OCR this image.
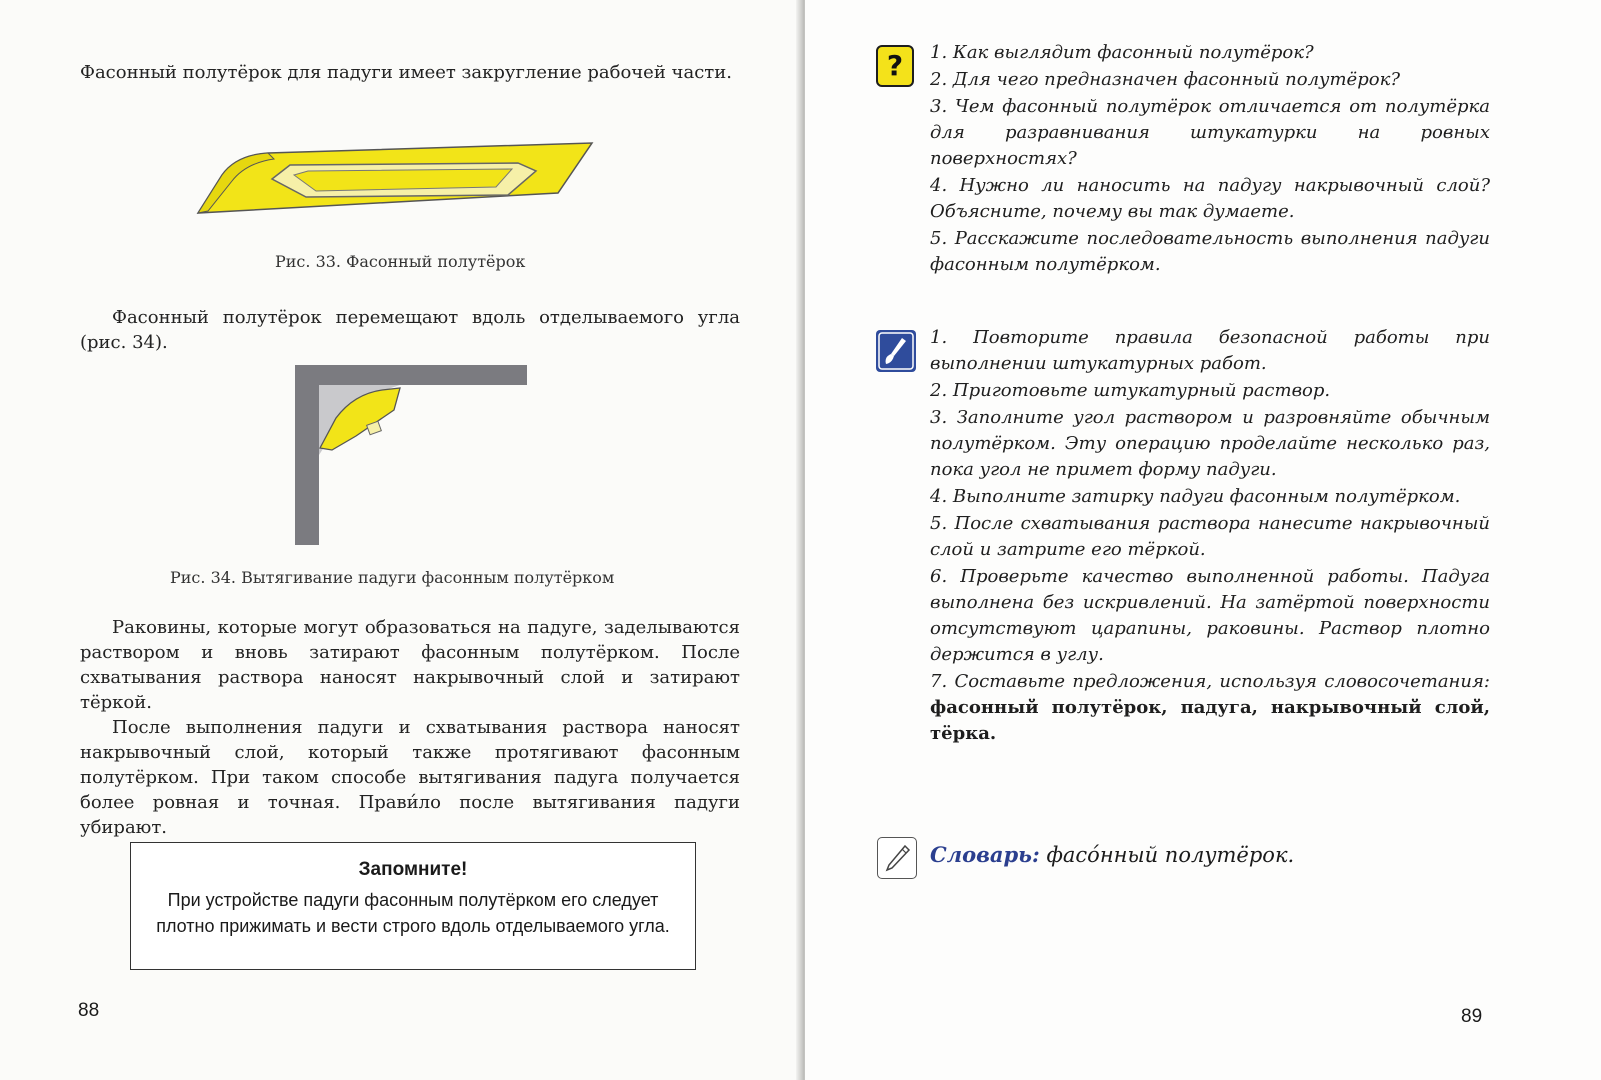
Фасонный полутёрок для падуги имеет закругление рабочей части.

Рис. 33. Фасонный полутёрок

Фасонный полутёрок перемещают вдоль отделываемого угла (рис. 34).

Рис. 34. Вытягивание падуги фасонным полутёрком

Раковины, которые могут образоваться на падуге, заделываются раствором и вновь затирают фасонным полутёрком. После схватывания раствора наносят накрывочный слой и затирают тёркой.

После выполнения падуги и схватывания раствора наносят накрывочный слой, который также протягивают фасонным полутёрком. При таком способе вытягивания падуга получается более ровная и точная. Прави́ло после вытягивания падуги убирают.

Запомните!
При устройстве падуги фасонным полутёрком его следует плотно прижимать и вести строго вдоль отделываемого угла.
88
?	1. Как выглядит фасонный полутёрок?
2. Для чего предназначен фасонный полутёрок?
3. Чем фасонный полутёрок отличается от полутёрка для разравнивания штукатурки на ровных поверхностях?
4. Нужно ли наносить на падугу накрывочный слой? Объясните, почему вы так думаете.
5. Расскажите последовательность выполнения падуги фасонным полутёрком.
1. Повторите правила безопасной работы при выполнении штукатурных работ.
2. Приготовьте штукатурный раствор.
3. Заполните угол раствором и разровняйте обычным полутёрком. Эту операцию проделайте несколько раз, пока угол не примет форму падуги.
4. Выполните затирку падуги фасонным полутёрком.
5. После схватывания раствора нанесите накрывочный слой и затрите его тёркой.
6. Проверьте качество выполненной работы. Падуга выполнена без искривлений. На затёртой поверхности отсутствуют царапины, раковины. Раствор плотно держится в углу.
7. Составьте предложения, используя словосочетания: фасонный полутёрок, падуга, накрывочный слой, тёрка.
Словарь: фасо́нный полутёрок.
89
